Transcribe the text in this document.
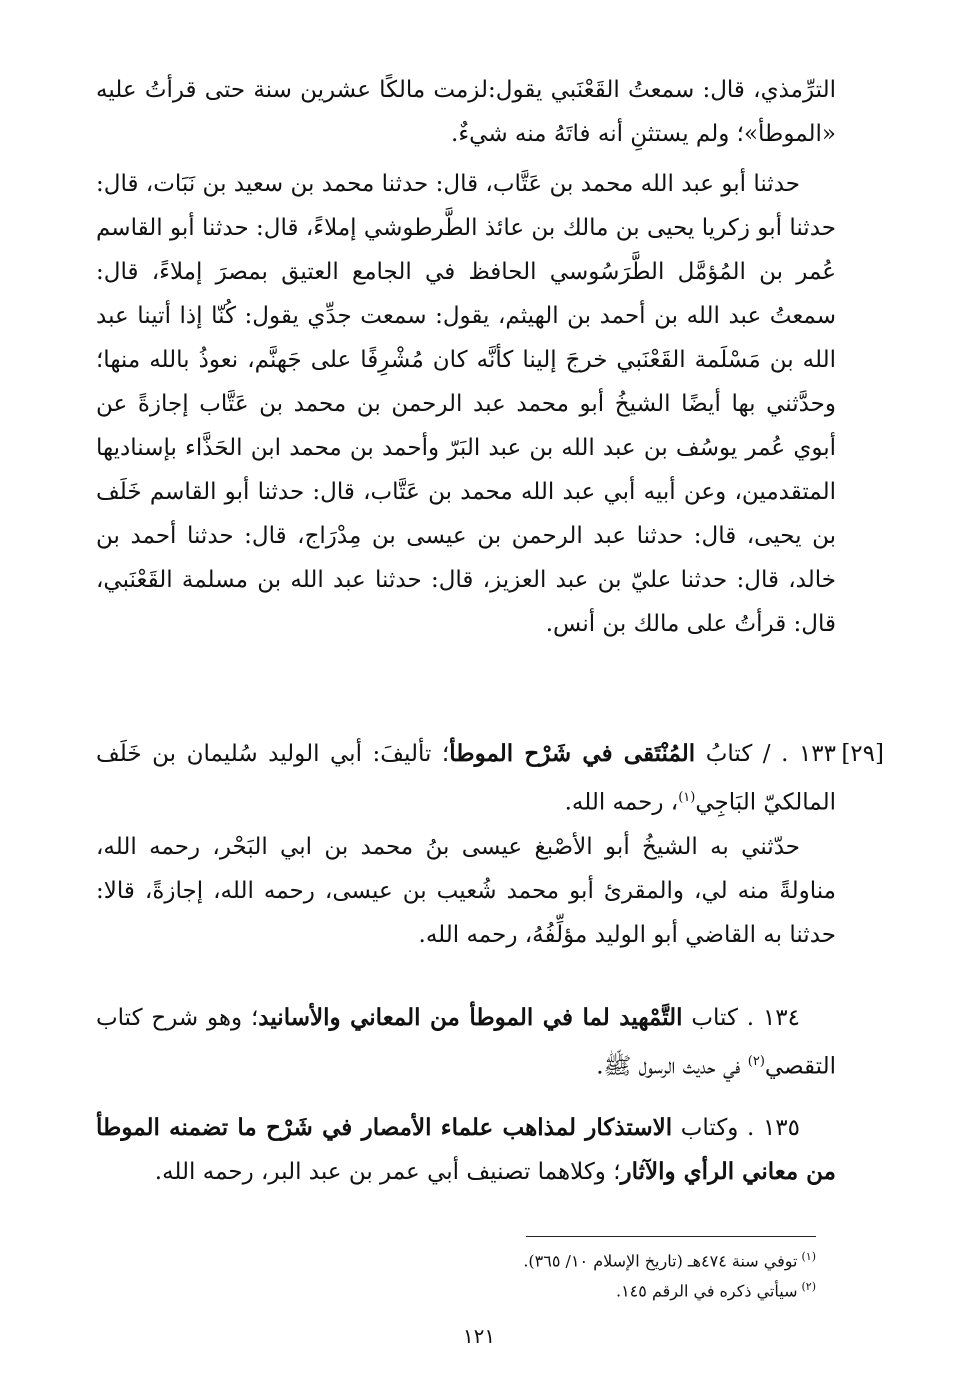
الترِّمذي، قال: سمعتُ القَعْنَبي يقول:لزمت مالكًا عشرين سنة حتى قرأتُ عليه «الموطأ»؛ ولم يستثنِ أنه فاتَهُ منه شيءٌ.

حدثنا أبو عبد الله محمد بن عَتَّاب، قال: حدثنا محمد بن سعيد بن نَبَات، قال: حدثنا أبو زكريا يحيى بن مالك بن عائذ الطَّرطوشي إملاءً، قال: حدثنا أبو القاسم عُمر بن المُؤمَّل الطَّرَسُوسي الحافظ في الجامع العتيق بمصرَ إملاءً، قال: سمعتُ عبد الله بن أحمد بن الهيثم، يقول: سمعت جدِّي يقول: كُنّا إذا أتينا عبد الله بن مَسْلَمة القَعْنَبي خرجَ إلينا كأنَّه كان مُشْرِفًا على جَهنَّم، نعوذُ بالله منها؛ وحدَّثني بها أيضًا الشيخُ أبو محمد عبد الرحمن بن محمد بن عَتَّاب إجازةً عن أبوي عُمر يوسُف بن عبد الله بن عبد البَرّ وأحمد بن محمد ابن الحَذَّاء بإسناديها المتقدمين، وعن أبيه أبي عبد الله محمد بن عَتَّاب، قال: حدثنا أبو القاسم خَلَف بن يحيى، قال: حدثنا عبد الرحمن بن عيسى بن مِدْرَاج، قال: حدثنا أحمد بن خالد، قال: حدثنا عليّ بن عبد العزيز، قال: حدثنا عبد الله بن مسلمة القَعْنَبي، قال: قرأتُ على مالك بن أنس.

[٢٩]

١٣٣ . / كتابُ المُنْتَقى في شَرْح الموطأ؛ تأليفَ: أبي الوليد سُليمان بن خَلَف المالكيّ البَاجِي$^{(١)}$، رحمه الله.

حدّثني به الشيخُ أبو الأصْبغ عيسى بنُ محمد بن ابي البَحْر، رحمه الله، مناولةً منه لي، والمقرئ أبو محمد شُعيب بن عيسى، رحمه الله، إجازةً، قالا: حدثنا به القاضي أبو الوليد مؤلِّفُهُ، رحمه الله.

١٣٤ . كتاب التَّمْهيد لما في الموطأ من المعاني والأسانيد؛ وهو شرح كتاب التقصي$^{(٢)}$ في حديث الرسول ﷺ.

١٣٥ . وكتاب الاستذكار لمذاهب علماء الأمصار في شَرْح ما تضمنه الموطأ من معاني الرأي والآثار؛ وكلاهما تصنيف أبي عمر بن عبد البر، رحمه الله.

$^{(١)}$توفي سنة ٤٧٤هـ (تاريخ الإسلام ١٠/ ٣٦٥).
$^{(٢)}$سيأتي ذكره في الرقم ١٤٥.
١٢١
